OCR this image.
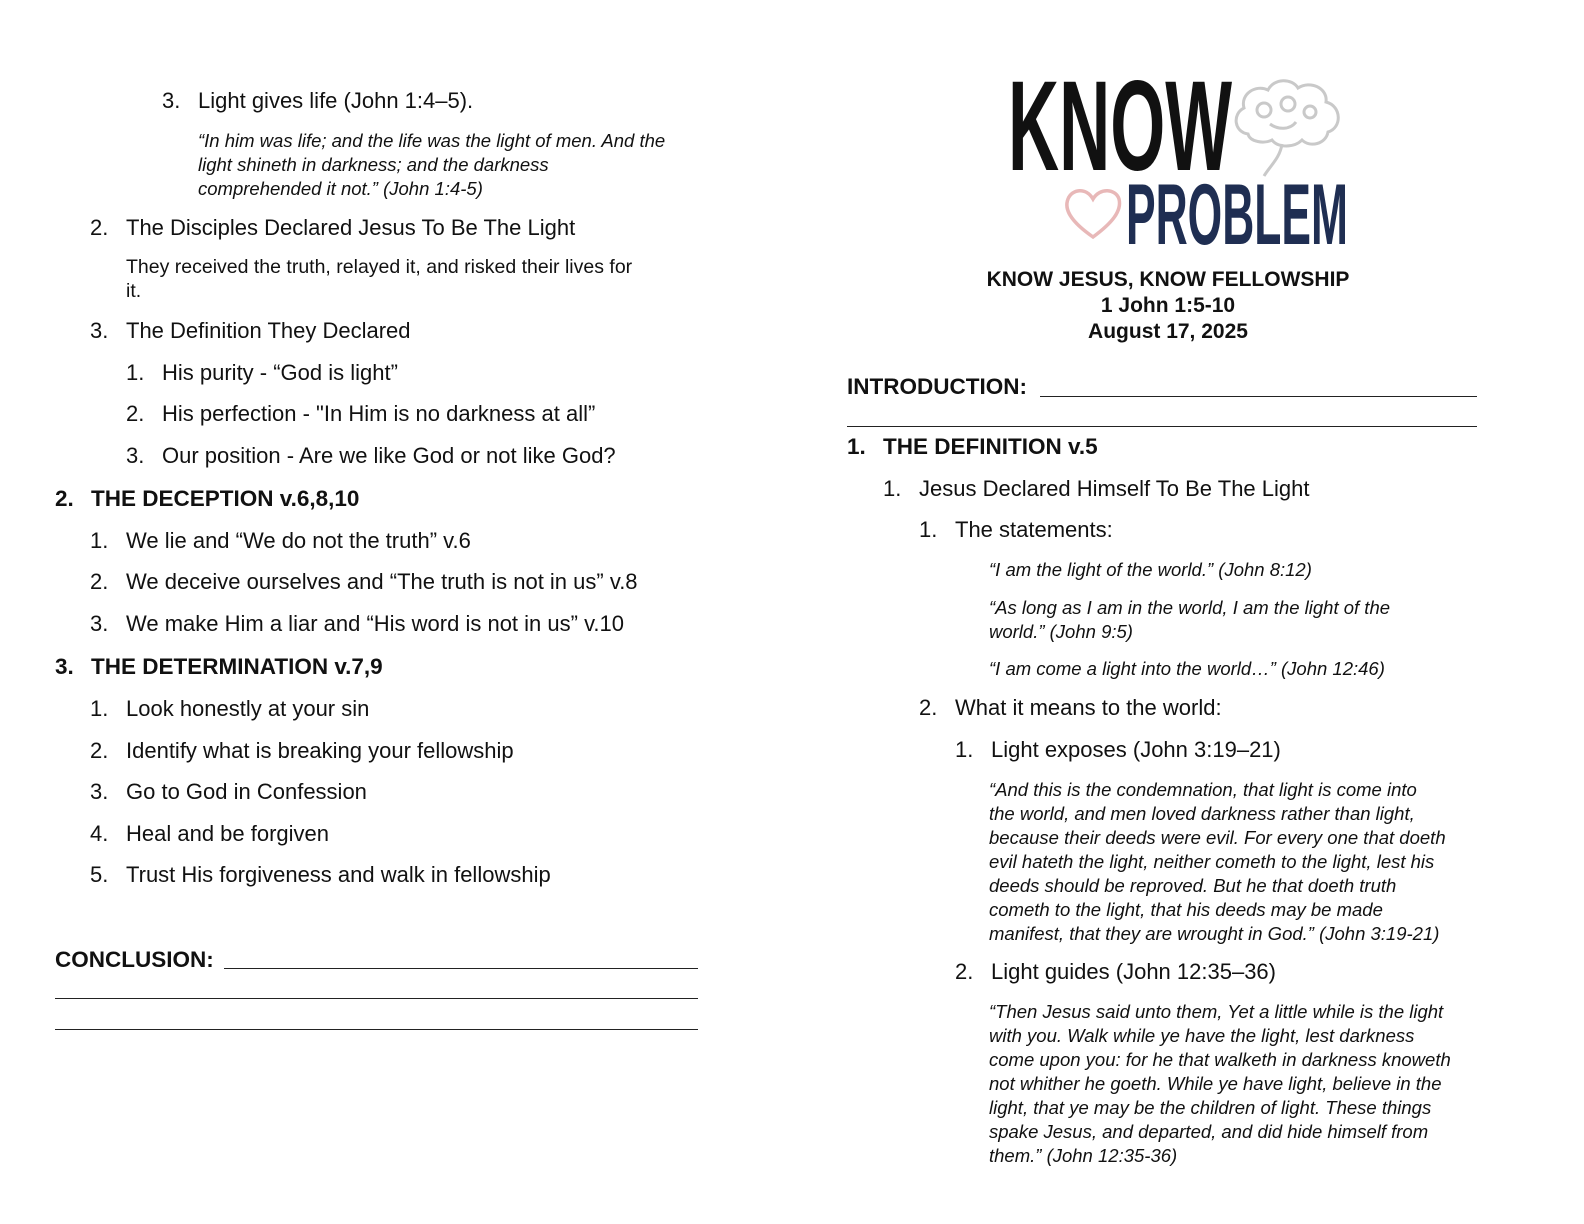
3. Light gives life (John 1:4–5).
“In him was life; and the life was the light of men. And the
light shineth in darkness; and the darkness
comprehended it not.” (John 1:4-5)
2. The Disciples Declared Jesus To Be The Light
They received the truth, relayed it, and risked their lives for
it.
3. The Definition They Declared
1. His purity - “God is light”
2. His perfection - "In Him is no darkness at all”
3. Our position - Are we like God or not like God?
2. THE DECEPTION v.6,8,10
1. We lie and “We do not the truth” v.6
2. We deceive ourselves and “The truth is not in us” v.8
3. We make Him a liar and “His word is not in us” v.10
3. THE DETERMINATION v.7,9
1. Look honestly at your sin
2. Identify what is breaking your fellowship
3. Go to God in Confession
4. Heal and be forgiven
5. Trust His forgiveness and walk in fellowship
CONCLUSION:
KNOW
PROBLEM
KNOW JESUS, KNOW FELLOWSHIP
1 John 1:5-10
August 17, 2025
INTRODUCTION:
1. THE DEFINITION v.5
1. Jesus Declared Himself To Be The Light
1. The statements:
“I am the light of the world.” (John 8:12)
“As long as I am in the world, I am the light of the
world.” (John 9:5)
“I am come a light into the world…” (John 12:46)
2. What it means to the world:
1. Light exposes (John 3:19–21)
“And this is the condemnation, that light is come into
the world, and men loved darkness rather than light,
because their deeds were evil. For every one that doeth
evil hateth the light, neither cometh to the light, lest his
deeds should be reproved. But he that doeth truth
cometh to the light, that his deeds may be made
manifest, that they are wrought in God.” (John 3:19-21)
2. Light guides (John 12:35–36)
“Then Jesus said unto them, Yet a little while is the light
with you. Walk while ye have the light, lest darkness
come upon you: for he that walketh in darkness knoweth
not whither he goeth. While ye have light, believe in the
light, that ye may be the children of light. These things
spake Jesus, and departed, and did hide himself from
them.” (John 12:35-36)
